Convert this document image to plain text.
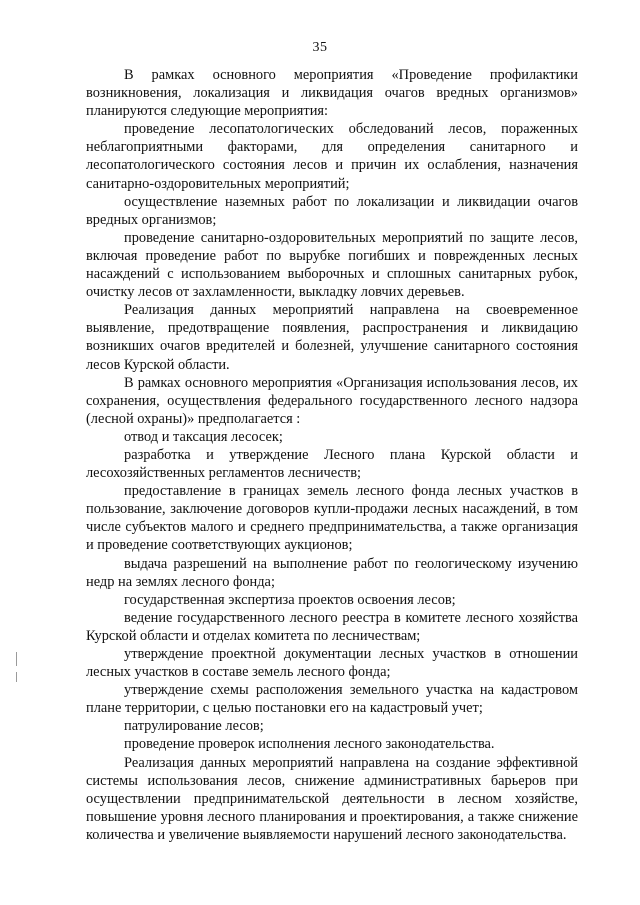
35

В рамках основного мероприятия «Проведение профилактики возникновения, локализация и ликвидация очагов вредных организмов» планируются следующие мероприятия:

проведение лесопатологических обследований лесов, пораженных неблагоприятными факторами, для определения санитарного и лесопатологического состояния лесов и причин их ослабления, назначения санитарно-оздоровительных мероприятий;

осуществление наземных работ по локализации и ликвидации очагов вредных организмов;

проведение санитарно-оздоровительных мероприятий по защите лесов, включая проведение работ по вырубке погибших и поврежденных лесных насаждений с использованием выборочных и сплошных санитарных рубок, очистку лесов от захламленности, выкладку ловчих деревьев.

Реализация данных мероприятий направлена на своевременное выявление, предотвращение появления, распространения и ликвидацию возникших очагов вредителей и болезней, улучшение санитарного состояния лесов Курской области.

В рамках основного мероприятия «Организация использования лесов, их сохранения, осуществления федерального государственного лесного надзора (лесной охраны)» предполагается :

отвод и таксация лесосек;

разработка и утверждение Лесного плана Курской области и лесохозяйственных регламентов лесничеств;

предоставление в границах земель лесного фонда лесных участков в пользование, заключение договоров купли-продажи лесных насаждений, в том числе субъектов малого и среднего предпринимательства, а также организация и проведение соответствующих аукционов;

выдача разрешений на выполнение работ по геологическому изучению недр на землях лесного фонда;

государственная экспертиза проектов освоения лесов;

ведение государственного лесного реестра в комитете лесного хозяйства Курской области и отделах комитета по лесничествам;

утверждение проектной документации лесных участков в отношении лесных участков в составе земель лесного фонда;

утверждение схемы расположения земельного участка на кадастровом плане территории, с целью постановки его на кадастровый учет;

патрулирование лесов;

проведение проверок исполнения лесного законодательства.

Реализация данных мероприятий направлена на создание эффективной системы использования лесов, снижение административных барьеров при осуществлении предпринимательской деятельности в лесном хозяйстве, повышение уровня лесного планирования и проектирования, а также снижение количества и увеличение выявляемости нарушений лесного законодательства.
